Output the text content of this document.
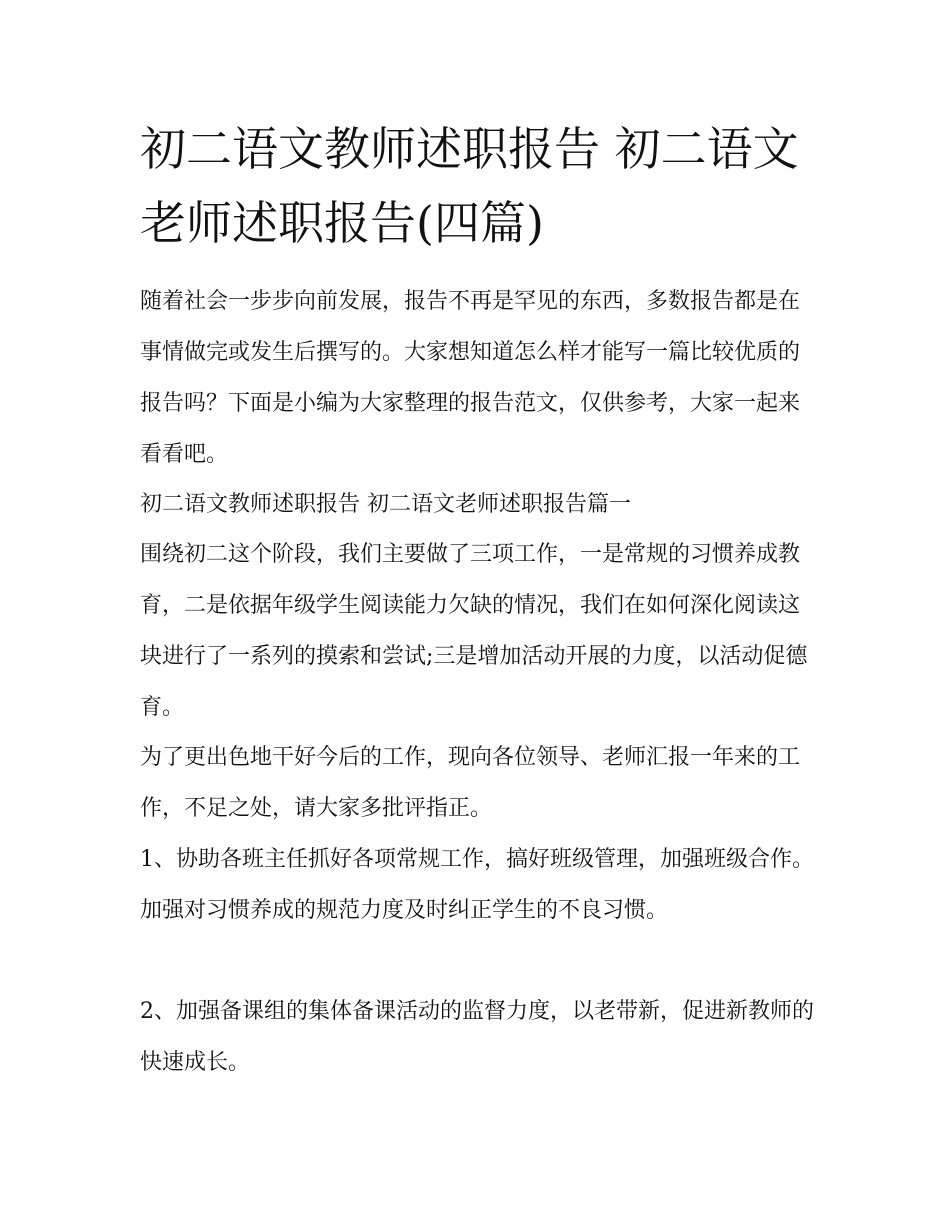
初二语文教师述职报告 初二语文老师述职报告(四篇)

随着社会一步步向前发展，报告不再是罕见的东西，多数报告都是在事情做完或发生后撰写的。大家想知道怎么样才能写一篇比较优质的报告吗？下面是小编为大家整理的报告范文，仅供参考，大家一起来看看吧。

初二语文教师述职报告 初二语文老师述职报告篇一

围绕初二这个阶段，我们主要做了三项工作，一是常规的习惯养成教育，二是依据年级学生阅读能力欠缺的情况，我们在如何深化阅读这块进行了一系列的摸索和尝试;三是增加活动开展的力度，以活动促德育。

为了更出色地干好今后的工作，现向各位领导、老师汇报一年来的工作，不足之处，请大家多批评指正。

1、协助各班主任抓好各项常规工作，搞好班级管理，加强班级合作。加强对习惯养成的规范力度及时纠正学生的不良习惯。

2、加强备课组的集体备课活动的监督力度，以老带新，促进新教师的快速成长。
